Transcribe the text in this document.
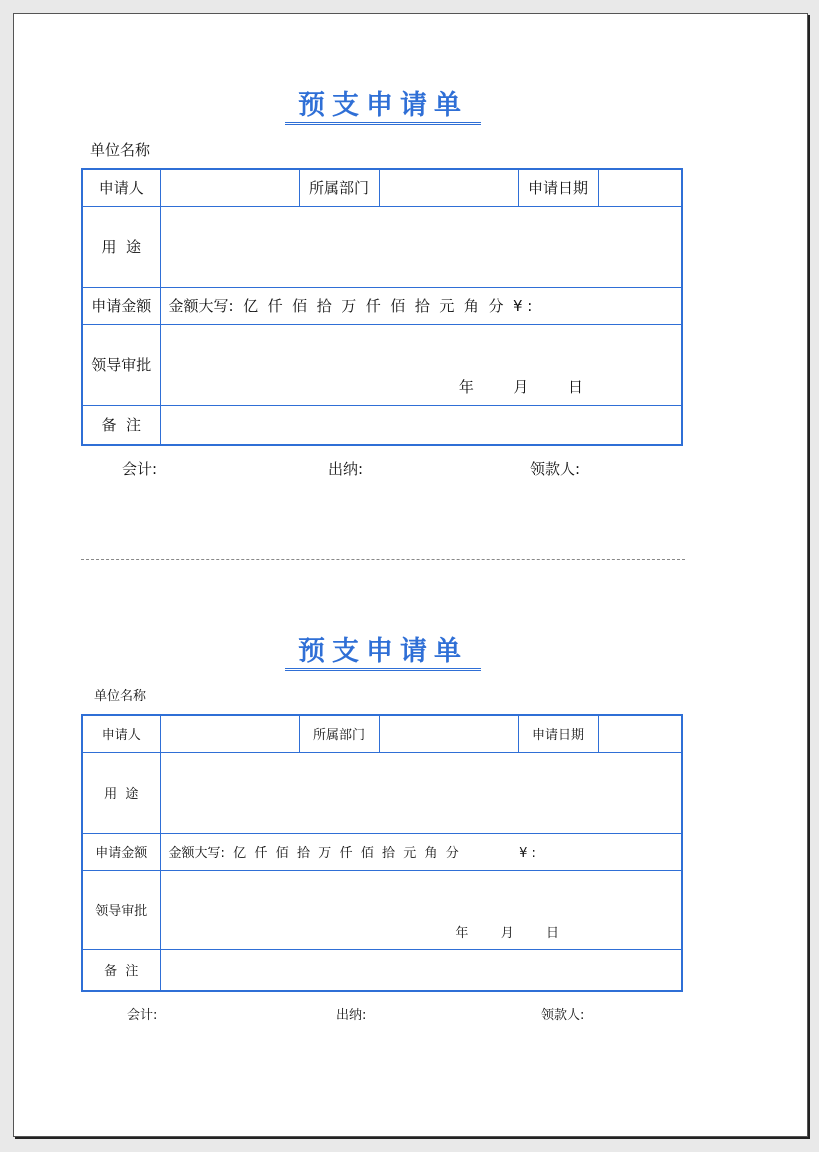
预支申请单
单位名称
申请人		所属部门		申请日期	
用  途					
申请金额	金额大写:  亿  仟  佰  拾  万  仟  佰  拾  元  角  分  ¥ :				
领导审批	年 月 日				

备  注					
会计:	出纳:	领款人:
预支申请单
单位名称
申请人		所属部门		申请日期	
用  途					
申请金额	金额大写:  亿  仟  佰  拾  万  仟  佰  拾  元  角  分 ¥ :				
领导审批	年 月 日				

备  注					
会计:	出纳:	领款人:
